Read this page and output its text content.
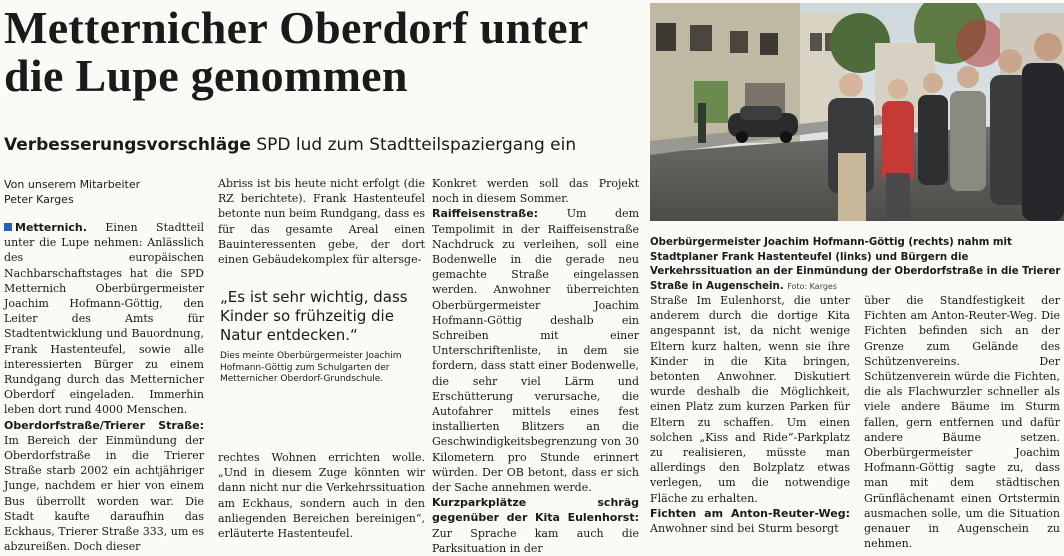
Metternicher Oberdorf unter die Lupe genommen
Verbesserungsvorschläge SPD lud zum Stadtteilspaziergang ein
Von unserem Mitarbeiter
Peter Karges

Metternich. Einen Stadtteil unter die Lupe nehmen: Anlässlich des europäischen Nachbarschaftstages hat die SPD Metternich Oberbürgermeister Joachim Hofmann-Göttig, den Leiter des Amts für Stadtentwicklung und Bauordnung, Frank Hastenteufel, sowie alle interessierten Bürger zu einem Rundgang durch das Metternicher Oberdorf eingeladen. Immerhin leben dort rund 4000 Menschen.

Oberdorfstraße/Trierer Straße: Im Bereich der Einmündung der Oberdorfstraße in die Trierer Straße starb 2002 ein achtjähriger Junge, nachdem er hier von einem Bus überrollt worden war. Die Stadt kaufte daraufhin das Eckhaus, Trierer Straße 333, um es abzureißen. Doch dieser

Abriss ist bis heute nicht erfolgt (die RZ berichtete). Frank Hastenteufel betonte nun beim Rundgang, dass es für das gesamte Areal einen Bauinteressenten gebe, der dort einen Gebäudekomplex für altersge-

„Es ist sehr wichtig, dass Kinder so frühzeitig die Natur entdecken.“
Dies meinte Oberbürgermeister Joachim Hofmann-Göttig zum Schulgarten der Metternicher Oberdorf-Grundschule.

rechtes Wohnen errichten wolle. „Und in diesem Zuge könnten wir dann nicht nur die Verkehrssituation am Eckhaus, sondern auch in den anliegenden Bereichen bereinigen“, erläuterte Hastenteufel.

Konkret werden soll das Projekt noch in diesem Sommer.

Raiffeisenstraße:	Um dem Tempolimit in der Raiffeisenstraße Nachdruck zu verleihen, soll eine Bodenwelle in die gerade neu gemachte Straße eingelassen werden. Anwohner überreichten Oberbürgermeister Joachim Hofmann-Göttig deshalb ein Schreiben mit einer Unterschriftenliste, in dem sie fordern, dass statt einer Bodenwelle, die sehr viel Lärm und Erschütterung verursache, die Autofahrer mittels eines fest installierten Blitzers an die Geschwindigkeitsbegrenzung von 30 Kilometern pro Stunde erinnert würden. Der OB betont, dass er sich der Sache annehmen werde.

Kurzparkplätze schräg gegenüber der Kita Eulenhorst: Zur Sprache kam auch die Parksituation in der

Oberbürgermeister Joachim Hofmann-Göttig (rechts) nahm mit Stadtplaner Frank Hastenteufel (links) und Bürgern die Verkehrssituation an der Einmündung der Oberdorfstraße in die Trierer Straße in Augenschein. Foto: Karges

Straße Im Eulenhorst, die unter anderem durch die dortige Kita angespannt ist, da nicht wenige Eltern kurz halten, wenn sie ihre Kinder in die Kita bringen, betonten Anwohner. Diskutiert wurde deshalb die Möglichkeit, einen Platz zum kurzen Parken für Eltern zu schaffen. Um einen solchen „Kiss and Ride“-Parkplatz zu realisieren, müsste man allerdings den Bolzplatz etwas verlegen, um die notwendige Fläche zu erhalten.

Fichten am Anton-Reuter-Weg: Anwohner sind bei Sturm besorgt

über die Standfestigkeit der Fichten am Anton-Reuter-Weg. Die Fichten befinden sich an der Grenze zum Gelände des Schützenvereins. Der Schützenverein würde die Fichten, die als Flachwurzler schneller als viele andere Bäume im Sturm fallen, gern entfernen und dafür andere Bäume setzen. Oberbürgermeister Joachim Hofmann-Göttig sagte zu, dass man mit dem städtischen Grünflächenamt einen Ortstermin ausmachen solle, um die Situation genauer in Augenschein zu nehmen.
